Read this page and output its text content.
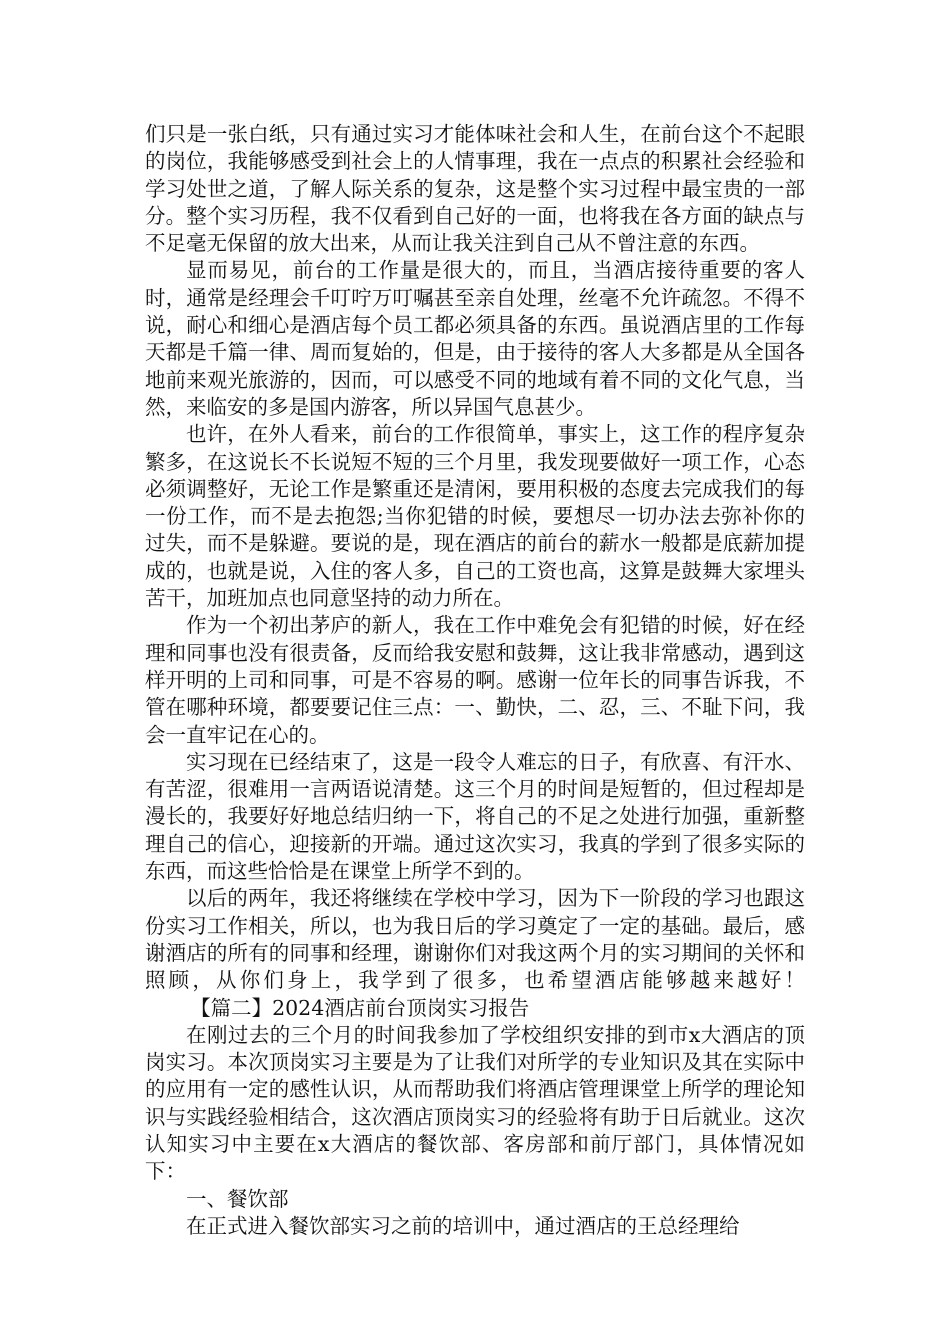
们只是一张白纸，只有通过实习才能体味社会和人生，在前台这个不起眼的岗位，我能够感受到社会上的人情事理，我在一点点的积累社会经验和学习处世之道，了解人际关系的复杂，这是整个实习过程中最宝贵的一部分。整个实习历程，我不仅看到自己好的一面，也将我在各方面的缺点与不足毫无保留的放大出来，从而让我关注到自己从不曾注意的东西。

显而易见，前台的工作量是很大的，而且，当酒店接待重要的客人时，通常是经理会千叮咛万叮嘱甚至亲自处理，丝毫不允许疏忽。不得不说，耐心和细心是酒店每个员工都必须具备的东西。虽说酒店里的工作每天都是千篇一律、周而复始的，但是，由于接待的客人大多都是从全国各地前来观光旅游的，因而，可以感受不同的地域有着不同的文化气息，当然，来临安的多是国内游客，所以异国气息甚少。

也许，在外人看来，前台的工作很简单，事实上，这工作的程序复杂繁多，在这说长不长说短不短的三个月里，我发现要做好一项工作，心态必须调整好，无论工作是繁重还是清闲，要用积极的态度去完成我们的每一份工作，而不是去抱怨;当你犯错的时候，要想尽一切办法去弥补你的过失，而不是躲避。要说的是，现在酒店的前台的薪水一般都是底薪加提成的，也就是说，入住的客人多，自己的工资也高，这算是鼓舞大家埋头苦干，加班加点也同意坚持的动力所在。

作为一个初出茅庐的新人，我在工作中难免会有犯错的时候，好在经理和同事也没有很责备，反而给我安慰和鼓舞，这让我非常感动，遇到这样开明的上司和同事，可是不容易的啊。感谢一位年长的同事告诉我，不管在哪种环境，都要要记住三点：一、勤快，二、忍，三、不耻下问，我会一直牢记在心的。

实习现在已经结束了，这是一段令人难忘的日子，有欣喜、有汗水、有苦涩，很难用一言两语说清楚。这三个月的时间是短暂的，但过程却是漫长的，我要好好地总结归纳一下，将自己的不足之处进行加强，重新整理自己的信心，迎接新的开端。通过这次实习，我真的学到了很多实际的东西，而这些恰恰是在课堂上所学不到的。

以后的两年，我还将继续在学校中学习，因为下一阶段的学习也跟这份实习工作相关，所以，也为我日后的学习奠定了一定的基础。最后，感谢酒店的所有的同事和经理，谢谢你们对我这两个月的实习期间的关怀和照顾，从你们身上，我学到了很多，也希望酒店能够越来越好！【篇二】2024酒店前台顶岗实习报告

在刚过去的三个月的时间我参加了学校组织安排的到市x大酒店的顶岗实习。本次顶岗实习主要是为了让我们对所学的专业知识及其在实际中的应用有一定的感性认识，从而帮助我们将酒店管理课堂上所学的理论知识与实践经验相结合，这次酒店顶岗实习的经验将有助于日后就业。这次认知实习中主要在x大酒店的餐饮部、客房部和前厅部门，具体情况如下：

一、餐饮部

在正式进入餐饮部实习之前的培训中，通过酒店的王总经理给
